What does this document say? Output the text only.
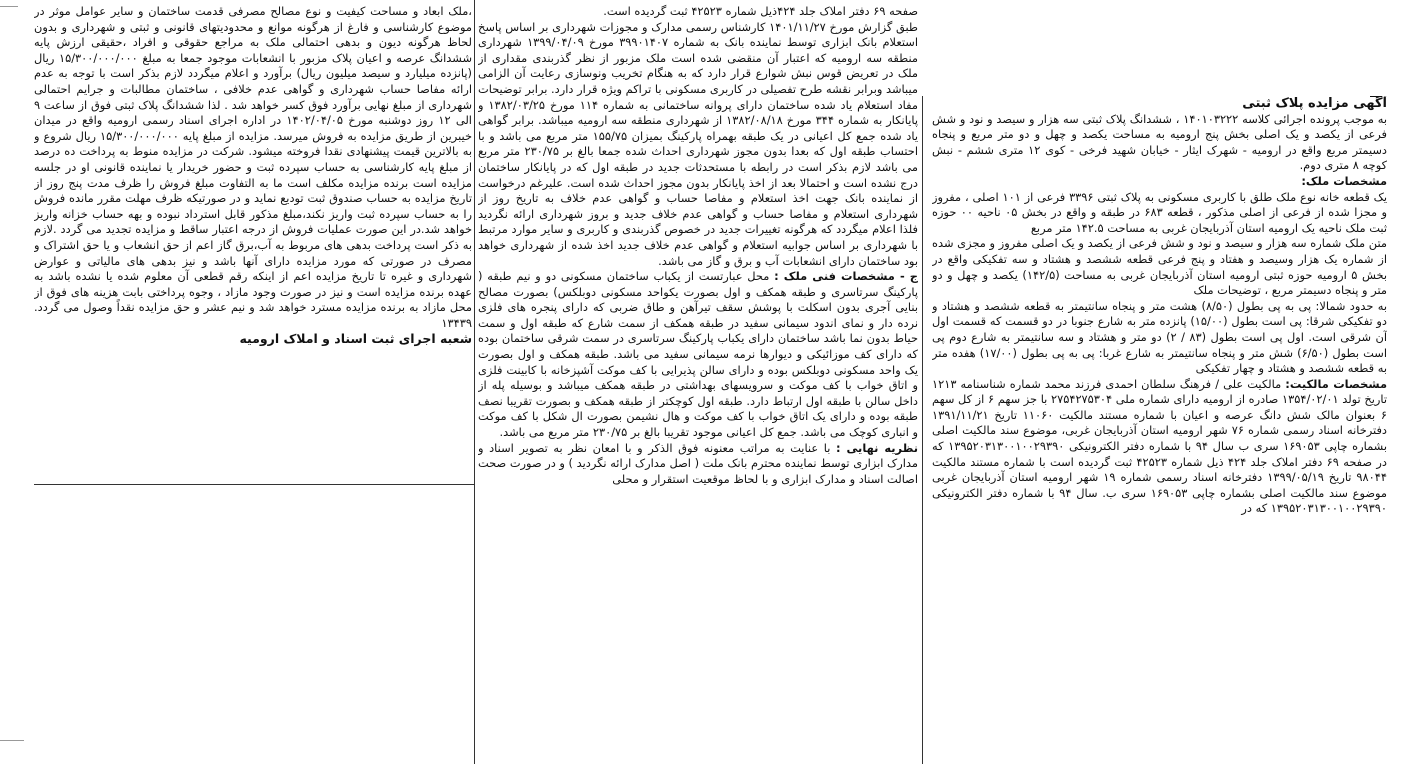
آگهی مزایده پلاک ثبتی

به موجب پرونده اجرائی کلاسه ۱۴۰۱۰۳۲۲۲ ، ششدانگ پلاک ثبتی سه هزار و سیصد و نود و شش فرعی از یکصد و یک اصلی بخش پنج ارومیه به مساحت یکصد و چهل و دو متر مربع و پنجاه دسیمتر مربع واقع در ارومیه - شهرک ایثار - خیابان شهید فرخی - کوی ۱۲ متری ششم - نبش کوچه ۸ متری دوم.

مشخصات ملک:

یک قطعه خانه نوع ملک طلق با کاربری مسکونی به پلاک ثبتی ۳۳۹۶ فرعی از ۱۰۱ اصلی ، مفروز و مجزا شده از فرعی از اصلی مذکور ، قطعه ۶۸۳ در طبقه و واقع در بخش ۰۵ ناحیه ۰۰ حوزه ثبت ملک ناحیه یک ارومیه استان آذربایجان غربی به مساحت ۱۴۲.۵ متر مربع

متن ملک شماره سه هزار و سیصد و نود و شش فرعی از یکصد و یک اصلی مفروز و مجزی شده از شماره یک هزار وسیصد و هفتاد و پنج فرعی قطعه ششصد و هشتاد و سه تفکیکی واقع در بخش ۵ ارومیه حوزه ثبتی ارومیه استان آذربایجان غربی به مساحت (۱۴۲/۵) یکصد و چهل و دو متر و پنجاه دسیمتر مربع ، توضیحات ملک

به حدود شمالا: پی به پی بطول (۸/۵۰) هشت متر و پنجاه سانتیمتر به قطعه ششصد و هشتاد و دو تفکیکی شرقا: پی است بطول (۱۵/۰۰) پانزده متر به شارع جنوبا در دو قسمت که قسمت اول آن شرقی است. اول پی است بطول (۸۳ / ۲) دو متر و هشتاد و سه سانتیمتر به شارع دوم پی است بطول (۶/۵۰) شش متر و پنجاه سانتیمتر به شارع غربا: پی به پی بطول (۱۷/۰۰) هفده متر به قطعه ششصد و هشتاد و چهار تفکیکی

مشخصات مالکیت: مالکیت علی / فرهنگ سلطان احمدی فرزند محمد شماره شناسنامه ۱۲۱۳ تاریخ تولد ۱۳۵۴/۰۲/۰۱ صادره از ارومیه دارای شماره ملی ۲۷۵۴۲۷۵۳۰۴ با جز سهم ۶ از کل سهم ۶ بعنوان مالک شش دانگ عرصه و اعیان با شماره مستند مالکیت ۱۱۰۶۰ تاریخ ۱۳۹۱/۱۱/۲۱ دفترخانه اسناد رسمی شماره ۷۶ شهر ارومیه استان آذربایجان غربی، موضوع سند مالکیت اصلی بشماره چاپی ۱۶۹۰۵۳ سری ب سال ۹۴ با شماره دفتر الکترونیکی ۱۳۹۵۲۰۳۱۳۰۰۱۰۰۲۹۳۹۰ که در صفحه ۶۹ دفتر املاک جلد ۴۲۴ ذیل شماره ۴۲۵۲۳ ثبت گردیده است با شماره مستند مالکیت ۹۸۰۴۴ تاریخ ۱۳۹۹/۰۵/۱۹ دفترخانه اسناد رسمی شماره ۱۹ شهر ارومیه استان آذربایجان غربی موضوع سند مالکیت اصلی بشماره چاپی ۱۶۹۰۵۳ سری ب. سال ۹۴ با شماره دفتر الکترونیکی ۱۳۹۵۲۰۳۱۳۰۰۱۰۰۲۹۳۹۰ که در

صفحه ۶۹ دفتر املاک جلد ۴۲۴ذیل شماره ۴۲۵۲۳ ثبت گردیده است.

طبق گزارش مورخ ۱۴۰۱/۱۱/۲۷ کارشناس رسمی مدارک و مجوزات شهرداری بر اساس پاسخ استعلام بانک ابزاری توسط نماینده بانک به شماره ۳۹۹۰۱۴۰۷ مورخ ۱۳۹۹/۰۴/۰۹ شهرداری منطقه سه ارومیه که اعتبار آن منقضی شده است ملک مزبور از نظر گذربندی مقداری از ملک در تعریض قوس نبش شوارع قرار دارد که به هنگام تخریب ونوسازی رعایت آن الزامی میباشد وبرابر نقشه طرح تفصیلی در کاربری مسکونی با تراکم ویژه قرار دارد. برابر توضیحات مفاد استعلام یاد شده ساختمان دارای پروانه ساختمانی به شماره ۱۱۴ مورخ ۱۳۸۲/۰۳/۲۵ و پایانکار به شماره ۳۴۴ مورخ ۱۳۸۲/۰۸/۱۸ از شهرداری منطقه سه ارومیه میباشد. برابر گواهی یاد شده جمع کل اعیانی در یک طبقه بهمراه پارکینگ بمیزان ۱۵۵/۷۵ متر مربع می باشد و با احتساب طبقه اول که بعدا بدون مجوز شهرداری احداث شده جمعا بالغ بر ۲۳۰/۷۵ متر مربع می باشد لازم بذکر است در رابطه با مستحدثات جدید در طبقه اول که در پایانکار ساختمان درج نشده است و احتمالا بعد از اخذ پایانکار بدون مجوز احداث شده است. علیرغم درخواست از نماینده بانک جهت اخذ استعلام و مفاصا حساب و گواهی عدم خلاف به تاریخ روز از شهرداری استعلام و مفاصا حساب و گواهی عدم خلاف جدید و بروز شهرداری ارائه نگردید فلذا اعلام میگردد که هرگونه تغییرات جدید در خصوص گذربندی و کاربری و سایر موارد مرتبط با شهرداری بر اساس جوابیه استعلام و گواهی عدم خلاف جدید اخذ شده از شهرداری خواهد بود ساختمان دارای انشعابات آب و برق و گاز می باشد.

ج - مشخصات فنی ملک : محل عبارتست از یکباب ساختمان مسکونی دو و نیم طبقه ( پارکینگ سرتاسری و طبقه همکف و اول بصورت یکواحد مسکونی دوبلکس) بصورت مصالح بنایی آجری بدون اسکلت با پوشش سقف تیرآهن و طاق ضربی که دارای پنجره های فلزی نرده دار و نمای اندود سیمانی سفید در طبقه همکف از سمت شارع که طبقه اول و سمت حیاط بدون نما باشد ساختمان دارای یکباب پارکینگ سرتاسری در سمت شرقی ساختمان بوده که دارای کف موزائیکی و دیوارها نرمه سیمانی سفید می باشد. طبقه همکف و اول بصورت یک واحد مسکونی دوبلکس بوده و دارای سالن پذیرایی با کف موکت آشپزخانه با کابینت فلزی و اتاق خواب با کف موکت و سرویسهای بهداشتی در طبقه همکف میباشد و بوسیله پله از داخل سالن با طبقه اول ارتباط دارد. طبقه اول کوچکتر از طبقه همکف و بصورت تقریبا نصف طبقه بوده و دارای یک اتاق خواب با کف موکت و هال نشیمن بصورت ال شکل با کف موکت و انباری کوچک می باشد. جمع کل اعیانی موجود تقریبا بالغ بر ۲۳۰/۷۵ متر مربع می باشد.

نظریه نهایی : با عنایت به مراتب معنونه فوق الذکر و با امعان نظر به تصویر اسناد و مدارک ابزاری توسط نماینده محترم بانک ملت ( اصل مدارک ارائه نگردید ) و در صورت صحت اصالت اسناد و مدارک ابزاری و با لحاظ موقعیت استقرار و محلی

،ملک ابعاد و مساحت کیفیت و نوع مصالح مصرفی قدمت ساختمان و سایر عوامل موثر در موضوع کارشناسی و فارغ از هرگونه موانع و محدودیتهای قانونی و ثبتی و شهرداری و بدون لحاظ هرگونه دیون و بدهی احتمالی ملک به مراجع حقوقی و افراد ،حقیقی ارزش پایه ششدانگ عرصه و اعیان پلاک مزبور با انشعابات موجود جمعا به مبلغ ۱۵/۳۰۰/۰۰۰/۰۰۰ ریال (پانزده میلیارد و سیصد میلیون ریال) برآورد و اعلام میگردد لازم بذکر است با توجه به عدم ارائه مفاصا حساب شهرداری و گواهی عدم خلافی ، ساختمان مطالبات و جرایم احتمالی شهرداری از مبلغ نهایی برآورد فوق کسر خواهد شد . لذا ششدانگ پلاک ثبتی فوق از ساعت ۹ الی ۱۲ روز دوشنبه مورخ ۱۴۰۲/۰۴/۰۵ در اداره اجرای اسناد رسمی ارومیه واقع در میدان خیبرین از طریق مزایده به فروش میرسد. مزایده از مبلغ پایه ۱۵/۳۰۰/۰۰۰/۰۰۰ ریال شروع و به بالاترین قیمت پیشنهادی نقدا فروخته میشود. شرکت در مزایده منوط به پرداخت ده درصد از مبلغ پایه کارشناسی به حساب سپرده ثبت و حضور خریدار یا نماینده قانونی او در جلسه مزایده است برنده مزایده مکلف است ما به التفاوت مبلغ فروش را ظرف مدت پنج روز از تاریخ مزایده به حساب صندوق ثبت تودیع نماید و در صورتیکه ظرف مهلت مقرر مانده فروش را به حساب سپرده ثبت واریز نکند،مبلغ مذکور قابل استرداد نبوده و بهه حساب خزانه واریز خواهد شد.در این صورت عملیات فروش از درجه اعتبار ساقط و مزایده تجدید می گردد .لازم به ذکر است پرداخت بدهی های مربوط به آب،برق گاز اعم از حق انشعاب و یا حق اشتراک و مصرف در صورتی که مورد مزایده دارای آنها باشد و نیز بدهی های مالیاتی و عوارض شهرداری و غیره تا تاریخ مزایده اعم از اینکه رقم قطعی آن معلوم شده یا نشده باشد به عهده برنده مزایده است و نیز در صورت وجود مازاد ، وجوه پرداختی بابت هزینه های فوق از محل مازاد به برنده مزایده مسترد خواهد شد و نیم عشر و حق مزایده نقداً وصول می گردد. ۱۳۴۳۹

شعبه اجرای ثبت اسناد و املاک ارومیه
